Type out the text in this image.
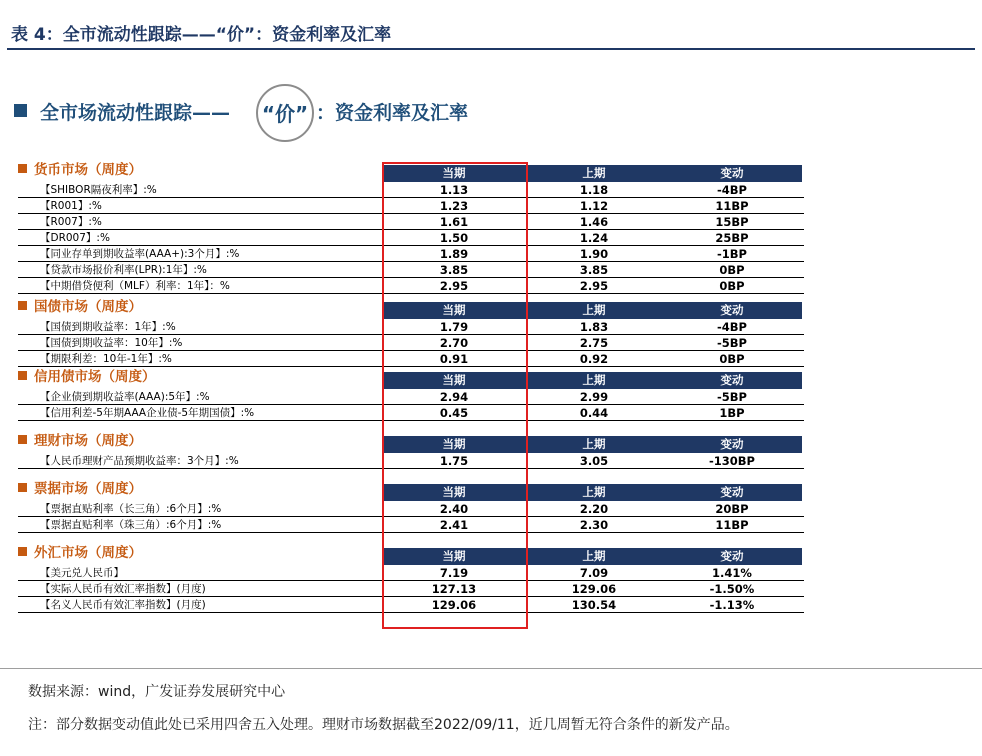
表 4：全市流动性跟踪——“价”：资金利率及汇率
全市场流动性跟踪—— “价” ：资金利率及汇率
货币市场（周度）	当期	上期	变动
【SHIBOR隔夜利率】:%	1.13	1.18	-4BP
【R001】:%	1.23	1.12	11BP
【R007】:%	1.61	1.46	15BP
【DR007】:%	1.50	1.24	25BP
【同业存单到期收益率(AAA+):3个月】:%	1.89	1.90	-1BP
【贷款市场报价利率(LPR):1年】:%	3.85	3.85	0BP
【中期借贷便利（MLF）利率：1年】：%	2.95	2.95	0BP
国债市场（周度）	当期	上期	变动
【国债到期收益率：1年】:%	1.79	1.83	-4BP
【国债到期收益率：10年】:%	2.70	2.75	-5BP
【期限利差：10年-1年】:%	0.91	0.92	0BP
信用债市场（周度）	当期	上期	变动
【企业债到期收益率(AAA):5年】:%	2.94	2.99	-5BP
【信用利差-5年期AAA企业债-5年期国债】:%	0.45	0.44	1BP
理财市场（周度）	当期	上期	变动
【人民币理财产品预期收益率：3个月】:%	1.75	3.05	-130BP
票据市场（周度）	当期	上期	变动
【票据直贴利率（长三角）:6个月】:%	2.40	2.20	20BP
【票据直贴利率（珠三角）:6个月】:%	2.41	2.30	11BP
外汇市场（周度）	当期	上期	变动
【美元兑人民币】	7.19	7.09	1.41%
【实际人民币有效汇率指数】(月度)	127.13	129.06	-1.50%
【名义人民币有效汇率指数】(月度)	129.06	130.54	-1.13%
数据来源：wind，广发证券发展研究中心
注：部分数据变动值此处已采用四舍五入处理。理财市场数据截至2022/09/11，近几周暂无符合条件的新发产品。
